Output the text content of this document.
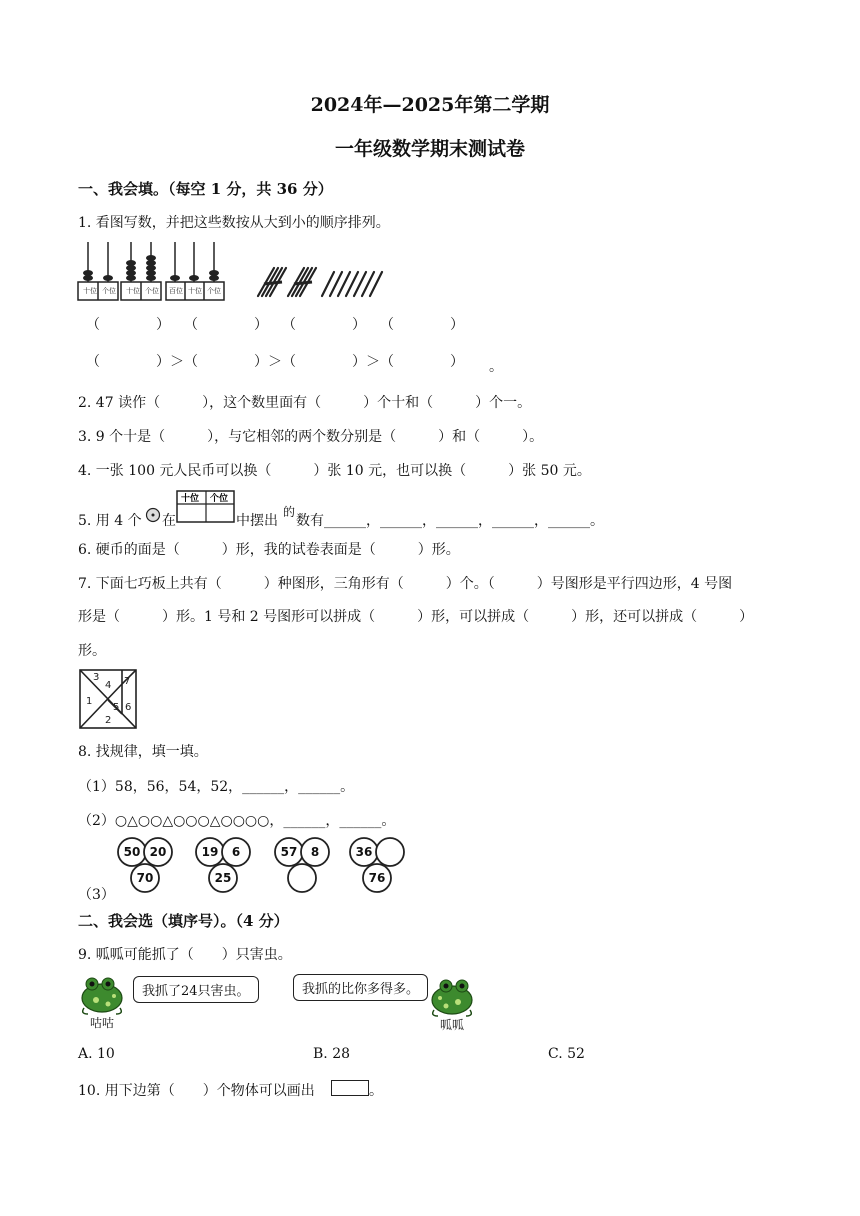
2024年—2025年第二学期
一年级数学期末测试卷
一、我会填。（每空 1 分，共 36 分）
1. 看图写数，并把这些数按从大到小的顺序排列。
十位 个位 十位 个位 百位 十位 个位
（　　　　）　　（　　　　）　　（　　　　）　　（　　　　）
（　　　　）＞（　　　　）＞（　　　　）＞（　　　　） 。
2. 47 读作（　　　），这个数里面有（　　　）个十和（　　　）个一。
3. 9 个十是（　　　），与它相邻的两个数分别是（　　　）和（　　　）。
4. 一张 100 元人民币可以换（　　　）张 10 元，也可以换（　　　）张 50 元。
5. 用 4 个 在
十位 个位
中摆出
的
数有______，______，______，______，______。
6. 硬币的面是（　　　）形，我的试卷表面是（　　　）形。
7. 下面七巧板上共有（　　　）种图形，三角形有（　　　）个。（　　　）号图形是平行四边形，4 号图
形是（　　　）形。1 号和 2 号图形可以拼成（　　　）形，可以拼成（　　　）形，还可以拼成（　　　）
形。
1
2
3
4
5 6
7
8. 找规律，填一填。
（1）58，56，54，52，______，______。
（2）○△○○△○○○△○○○○，______，______。
（3）
50 20
70
19 6
25
57 8	36
76
二、我会选（填序号）。（4 分）
9. 呱呱可能抓了（　　）只害虫。
咕咕
我抓了24只害虫。	我抓的比你多得多。
呱呱
A. 10	B. 28	C. 52
10. 用下边第（　　）个物体可以画出	。
